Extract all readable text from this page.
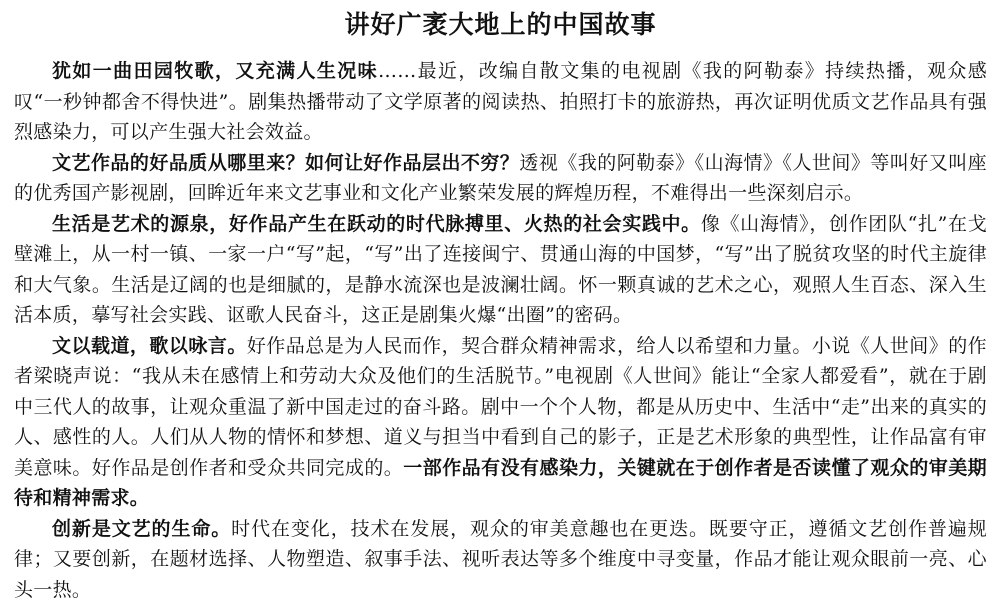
讲好广袤大地上的中国故事

犹如一曲田园牧歌，又充满人生况味……最近，改编自散文集的电视剧《我的阿勒泰》持续热播，观众感叹“一秒钟都舍不得快进”。剧集热播带动了文学原著的阅读热、拍照打卡的旅游热，再次证明优质文艺作品具有强烈感染力，可以产生强大社会效益。

文艺作品的好品质从哪里来？如何让好作品层出不穷？透视《我的阿勒泰》《山海情》《人世间》等叫好又叫座的优秀国产影视剧，回眸近年来文艺事业和文化产业繁荣发展的辉煌历程，不难得出一些深刻启示。

生活是艺术的源泉，好作品产生在跃动的时代脉搏里、火热的社会实践中。像《山海情》，创作团队“扎”在戈壁滩上，从一村一镇、一家一户“写”起，“写”出了连接闽宁、贯通山海的中国梦，“写”出了脱贫攻坚的时代主旋律和大气象。生活是辽阔的也是细腻的，是静水流深也是波澜壮阔。怀一颗真诚的艺术之心，观照人生百态、深入生活本质，摹写社会实践、讴歌人民奋斗，这正是剧集火爆“出圈”的密码。

文以载道，歌以咏言。好作品总是为人民而作，契合群众精神需求，给人以希望和力量。小说《人世间》的作者梁晓声说：“我从未在感情上和劳动大众及他们的生活脱节。”电视剧《人世间》能让“全家人都爱看”，就在于剧中三代人的故事，让观众重温了新中国走过的奋斗路。剧中一个个人物，都是从历史中、生活中“走”出来的真实的人、感性的人。人们从人物的情怀和梦想、道义与担当中看到自己的影子，正是艺术形象的典型性，让作品富有审美意味。好作品是创作者和受众共同完成的。一部作品有没有感染力，关键就在于创作者是否读懂了观众的审美期待和精神需求。

创新是文艺的生命。时代在变化，技术在发展，观众的审美意趣也在更迭。既要守正，遵循文艺创作普遍规律；又要创新，在题材选择、人物塑造、叙事手法、视听表达等多个维度中寻变量，作品才能让观众眼前一亮、心头一热。
